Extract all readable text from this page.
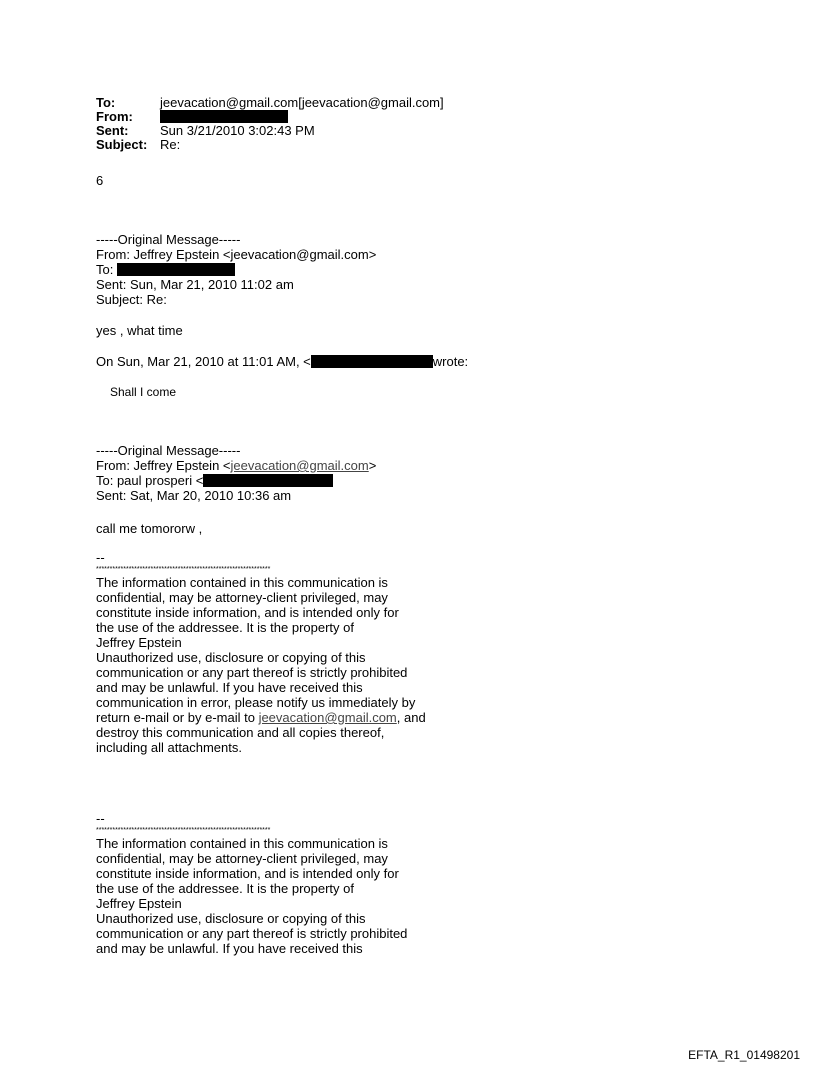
To:	jeevacation@gmail.com[jeevacation@gmail.com]
From:
Sent:	Sun 3/21/2010 3:02:43 PM
Subject: Re:
6
-----Original Message-----
From: Jeffrey Epstein <jeevacation@gmail.com>
To:
Sent: Sun, Mar 21, 2010 11:02 am
Subject: Re:
yes , what time
On Sun, Mar 21, 2010 at 11:01 AM, <	wrote:
Shall I come
-----Original Message-----
From: Jeffrey Epstein <jeevacation@gmail.com>
To: paul prosperi <
Sent: Sat, Mar 20, 2010 10:36 am
call me tomororw ,
--
****************************************************************
The information contained in this communication is
confidential, may be attorney-client privileged, may
constitute inside information, and is intended only for
the use of the addressee. It is the property of
Jeffrey Epstein
Unauthorized use, disclosure or copying of this
communication or any part thereof is strictly prohibited
and may be unlawful. If you have received this
communication in error, please notify us immediately by
return e-mail or by e-mail to jeevacation@gmail.com, and
destroy this communication and all copies thereof,
including all attachments.
--
****************************************************************
The information contained in this communication is
confidential, may be attorney-client privileged, may
constitute inside information, and is intended only for
the use of the addressee. It is the property of
Jeffrey Epstein
Unauthorized use, disclosure or copying of this
communication or any part thereof is strictly prohibited
and may be unlawful. If you have received this
EFTA_R1_01498201
